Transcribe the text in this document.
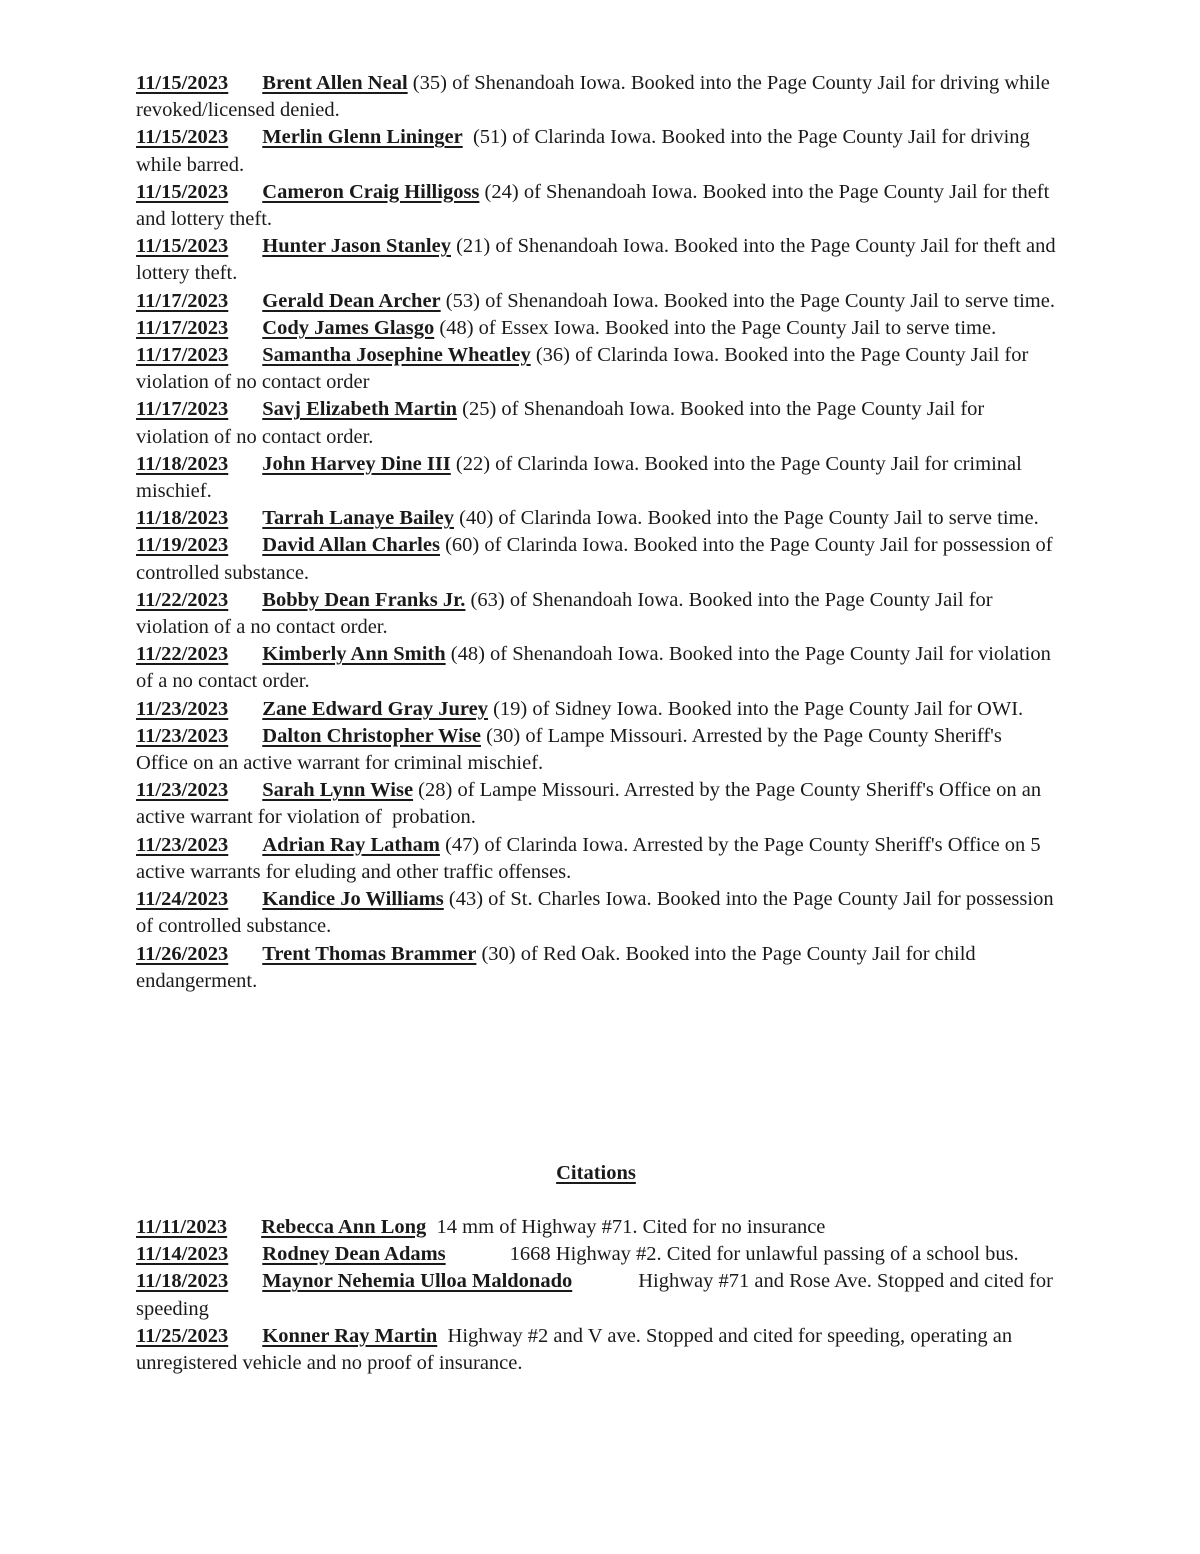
11/15/2023 Brent Allen Neal (35) of Shenandoah Iowa. Booked into the Page County Jail for driving while revoked/licensed denied.

11/15/2023 Merlin Glenn Lininger  (51) of Clarinda Iowa. Booked into the Page County Jail for driving while barred.

11/15/2023 Cameron Craig Hilligoss (24) of Shenandoah Iowa. Booked into the Page County Jail for theft and lottery theft.

11/15/2023 Hunter Jason Stanley (21) of Shenandoah Iowa. Booked into the Page County Jail for theft and lottery theft.

11/17/2023 Gerald Dean Archer (53) of Shenandoah Iowa. Booked into the Page County Jail to serve time.

11/17/2023 Cody James Glasgo (48) of Essex Iowa. Booked into the Page County Jail to serve time.

11/17/2023 Samantha Josephine Wheatley (36) of Clarinda Iowa. Booked into the Page County Jail for violation of no contact order

11/17/2023 Savj Elizabeth Martin (25) of Shenandoah Iowa. Booked into the Page County Jail for violation of no contact order.

11/18/2023 John Harvey Dine III (22) of Clarinda Iowa. Booked into the Page County Jail for criminal mischief.

11/18/2023 Tarrah Lanaye Bailey (40) of Clarinda Iowa. Booked into the Page County Jail to serve time.

11/19/2023 David Allan Charles (60) of Clarinda Iowa. Booked into the Page County Jail for possession of controlled substance.

11/22/2023 Bobby Dean Franks Jr. (63) of Shenandoah Iowa. Booked into the Page County Jail for violation of a no contact order.

11/22/2023 Kimberly Ann Smith (48) of Shenandoah Iowa. Booked into the Page County Jail for violation of a no contact order.

11/23/2023 Zane Edward Gray Jurey (19) of Sidney Iowa. Booked into the Page County Jail for OWI.

11/23/2023 Dalton Christopher Wise (30) of Lampe Missouri. Arrested by the Page County Sheriff's Office on an active warrant for criminal mischief.

11/23/2023 Sarah Lynn Wise (28) of Lampe Missouri. Arrested by the Page County Sheriff's Office on an active warrant for violation of  probation.

11/23/2023 Adrian Ray Latham (47) of Clarinda Iowa. Arrested by the Page County Sheriff's Office on 5 active warrants for eluding and other traffic offenses.

11/24/2023 Kandice Jo Williams (43) of St. Charles Iowa. Booked into the Page County Jail for possession of controlled substance.

11/26/2023 Trent Thomas Brammer (30) of Red Oak. Booked into the Page County Jail for child endangerment.

Citations

11/11/2023 Rebecca Ann Long  14 mm of Highway #71. Cited for no insurance

11/14/2023 Rodney Dean Adams	1668 Highway #2. Cited for unlawful passing of a school bus.

11/18/2023 Maynor Nehemia Ulloa Maldonado	Highway #71 and Rose Ave. Stopped and cited for speeding

11/25/2023 Konner Ray Martin  Highway #2 and V ave. Stopped and cited for speeding, operating an unregistered vehicle and no proof of insurance.
